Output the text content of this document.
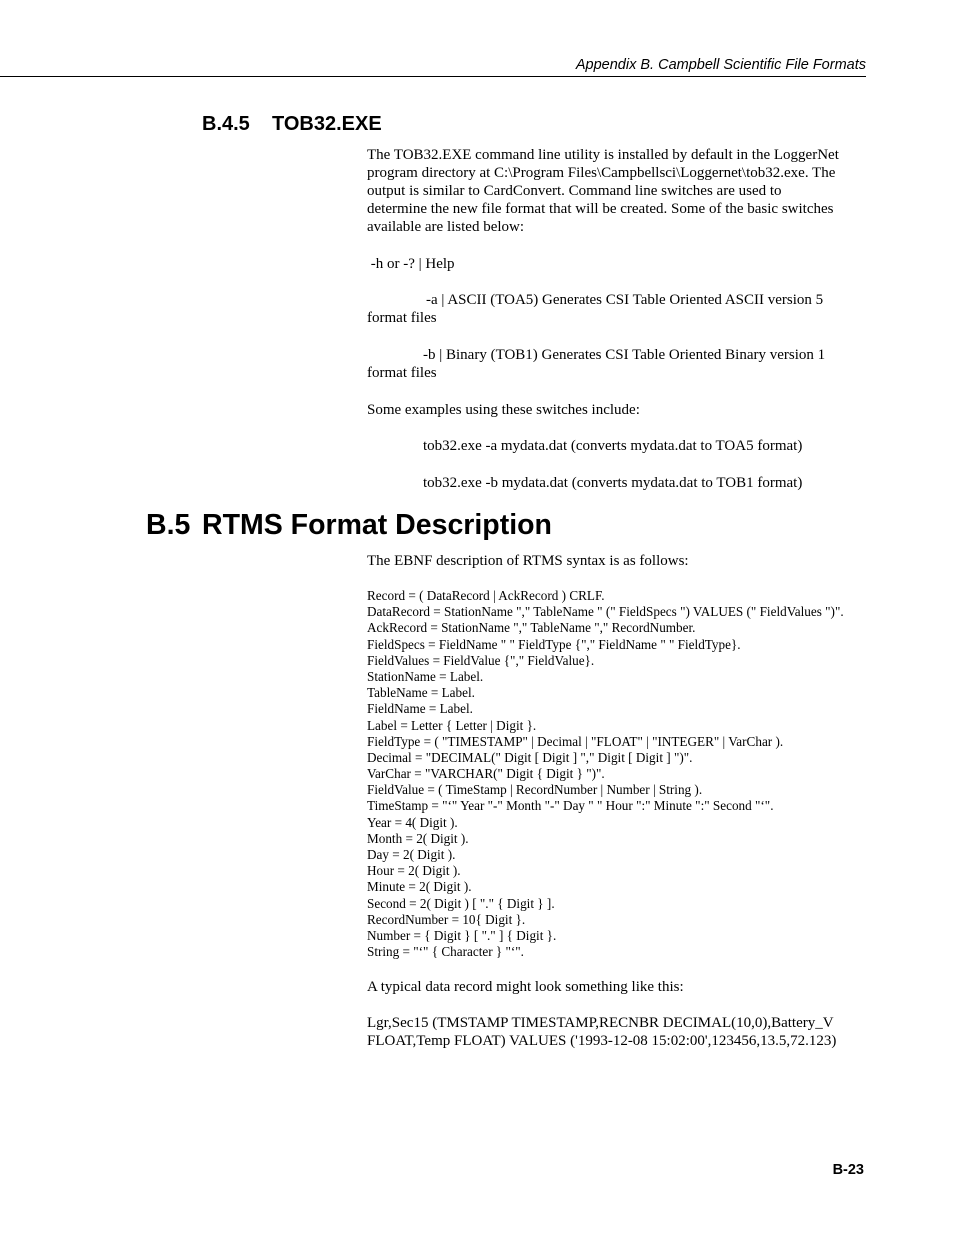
Appendix B. Campbell Scientific File Formats
B.4.5 TOB32.EXE
The TOB32.EXE command line utility is installed by default in the LoggerNet
program directory at C:\Program Files\Campbellsci\Loggernet\tob32.exe. The
output is similar to CardConvert. Command line switches are used to
determine the new file format that will be created. Some of the basic switches
available are listed below:
-h or -? | Help
-a | ASCII (TOA5) Generates CSI Table Oriented ASCII version 5
format files
-b | Binary (TOB1) Generates CSI Table Oriented Binary version 1
format files
Some examples using these switches include:
tob32.exe -a mydata.dat (converts mydata.dat to TOA5 format)
tob32.exe -b mydata.dat (converts mydata.dat to TOB1 format)
B.5 RTMS Format Description
The EBNF description of RTMS syntax is as follows:
Record = ( DataRecord | AckRecord ) CRLF.
DataRecord = StationName "," TableName " (" FieldSpecs ") VALUES (" FieldValues ")".
AckRecord = StationName "," TableName "," RecordNumber.
FieldSpecs = FieldName " " FieldType {"," FieldName " " FieldType}.
FieldValues = FieldValue {"," FieldValue}.
StationName = Label.
TableName = Label.
FieldName = Label.
Label = Letter { Letter | Digit }.
FieldType = ( "TIMESTAMP" | Decimal | "FLOAT" | "INTEGER" | VarChar ).
Decimal = "DECIMAL(" Digit [ Digit ] "," Digit [ Digit ] ")".
VarChar = "VARCHAR(" Digit { Digit } ")".
FieldValue = ( TimeStamp | RecordNumber | Number | String ).
TimeStamp = "‘" Year "-" Month "-" Day " " Hour ":" Minute ":" Second "‘".
Year = 4( Digit ).
Month = 2( Digit ).
Day = 2( Digit ).
Hour = 2( Digit ).
Minute = 2( Digit ).
Second = 2( Digit ) [ "." { Digit } ].
RecordNumber = 10{ Digit }.
Number = { Digit } [ "." ] { Digit }.
String = "‘" { Character } "‘".
A typical data record might look something like this:
Lgr,Sec15 (TMSTAMP TIMESTAMP,RECNBR DECIMAL(10,0),Battery_V
FLOAT,Temp FLOAT) VALUES ('1993-12-08 15:02:00',123456,13.5,72.123)
B-23
